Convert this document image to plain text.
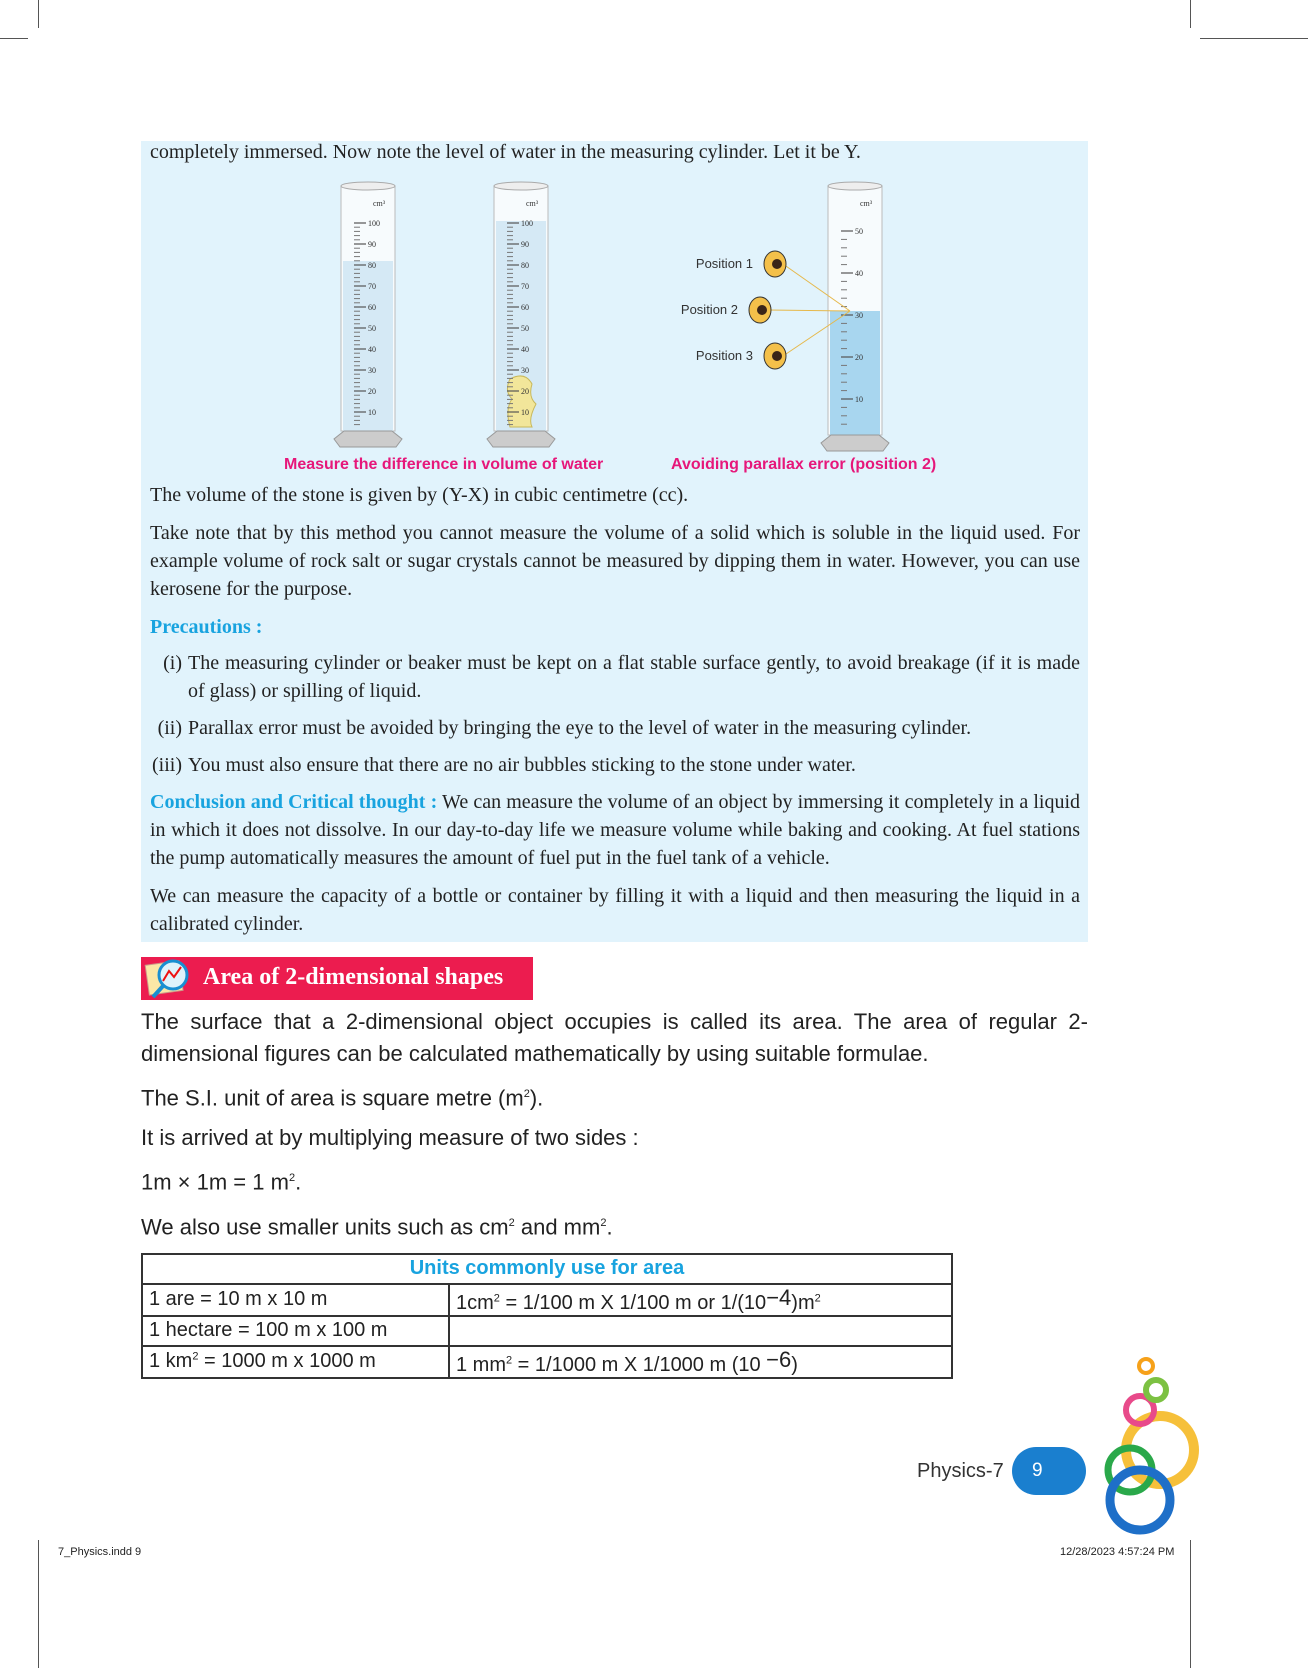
completely immersed. Now note the level of water in the measuring cylinder. Let it be Y.
cm³
100
90
80
70
60
50
40
30
20
10
cm³
100
90
80
70
60
50
40
30
20
10
cm³
50
40
30
20
10
Position 1
Position 2
Position 3
Measure the difference in volume of water	Avoiding parallax error (position 2)
The volume of the stone is given by (Y-X) in cubic centimetre (cc).
Take note that by this method you cannot measure the volume of a solid which is soluble in the liquid used. For example volume of rock salt or sugar crystals cannot be measured by dipping them in water. However, you can use kerosene for the purpose.
Precautions :
(i) The measuring cylinder or beaker must be kept on a flat stable surface gently, to avoid breakage (if it is made of glass) or spilling of liquid.
(ii) Parallax error must be avoided by bringing the eye to the level of water in the measuring cylinder.
(iii) You must also ensure that there are no air bubbles sticking to the stone under water.
Conclusion and Critical thought : We can measure the volume of an object by immersing it completely in a liquid in which it does not dissolve. In our day-to-day life we measure volume while baking and cooking. At fuel stations the pump automatically measures the amount of fuel put in the fuel tank of a vehicle.
We can measure the capacity of a bottle or container by filling it with a liquid and then measuring the liquid in a calibrated cylinder.
Area of 2-dimensional shapes
The surface that a 2-dimensional object occupies is called its area. The area of regular 2-dimensional figures can be calculated mathematically by using suitable formulae.
The S.I. unit of area is square metre $(m^2)$.
It is arrived at by multiplying measure of two sides :
1m × 1m = 1 $m^2$.
We also use smaller units such as $cm^2$ and $mm^2$.
Units commonly use for area	
1 are = 10 m x 10 m	$1cm^2 = 1/100$ m X 1/100 m or $1/(10-4)m^2$
1 hectare = 100 m x 100 m	
1 $km^2 = 1000$ m x 1000 m	1 $mm^2 = 1/1000$ m X 1/1000 m (10 −6)
Physics-7 9
7_Physics.indd 9	12/28/2023 4:57:24 PM
